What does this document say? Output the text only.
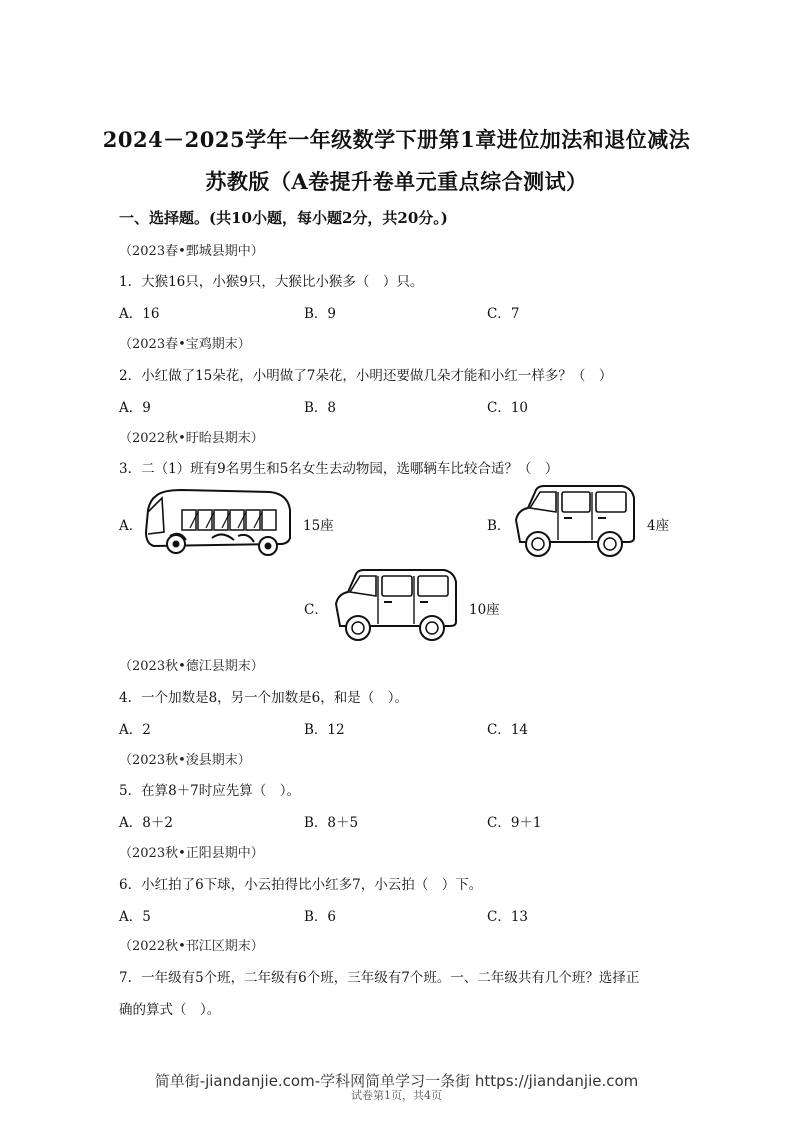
2024－2025学年一年级数学下册第1章进位加法和退位减法
苏教版（A卷提升卷单元重点综合测试）
一、选择题。(共10小题，每小题2分，共20分。)
（2023春•鄄城县期中）
1．大猴16只，小猴9只，大猴比小猴多（　）只。
A．16	B．9	C．7
（2023春•宝鸡期末）
2．小红做了15朵花，小明做了7朵花，小明还要做几朵才能和小红一样多？（　）
A．9	B．8	C．10
（2022秋•盱眙县期末）
3．二（1）班有9名男生和5名女生去动物园，选哪辆车比较合适？（　）
A．	15座	B．	4座
C．	10座
（2023秋•德江县期末）
4．一个加数是8，另一个加数是6，和是（　）。
A．2	B．12	C．14
（2023秋•浚县期末）
5．在算8＋7时应先算（　）。
A．8＋2	B．8＋5	C．9＋1
（2023秋•正阳县期中）
6．小红拍了6下球，小云拍得比小红多7，小云拍（　）下。
A．5	B．6	C．13
（2022秋•邗江区期末）
7．一年级有5个班，二年级有6个班，三年级有7个班。一、二年级共有几个班？选择正
确的算式（　）。
简单街-jiandanjie.com-学科网简单学习一条街 https://jiandanjie.com
试卷第1页，共4页
